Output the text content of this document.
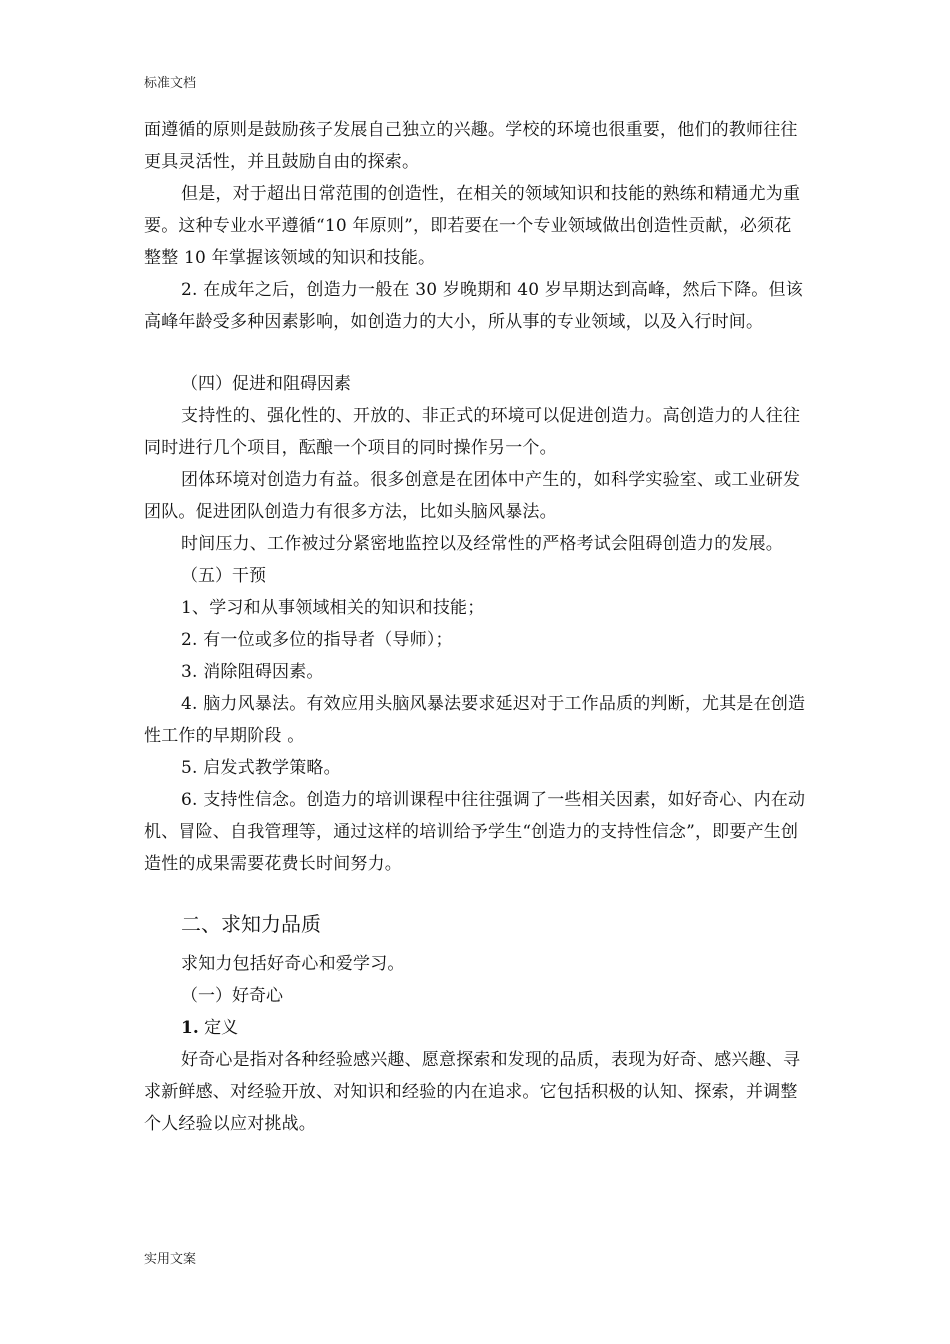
标准文档

面遵循的原则是鼓励孩子发展自己独立的兴趣。学校的环境也很重要，他们的教师往往更具灵活性，并且鼓励自由的探索。

但是，对于超出日常范围的创造性，在相关的领域知识和技能的熟练和精通尤为重要。这种专业水平遵循“10 年原则”，即若要在一个专业领域做出创造性贡献，必须花整整 10 年掌握该领域的知识和技能。

2. 在成年之后，创造力一般在 30 岁晚期和 40 岁早期达到高峰，然后下降。但该高峰年龄受多种因素影响，如创造力的大小，所从事的专业领域，以及入行时间。

（四）促进和阻碍因素

支持性的、强化性的、开放的、非正式的环境可以促进创造力。高创造力的人往往同时进行几个项目，酝酿一个项目的同时操作另一个。

团体环境对创造力有益。很多创意是在团体中产生的，如科学实验室、或工业研发团队。促进团队创造力有很多方法，比如头脑风暴法。

时间压力、工作被过分紧密地监控以及经常性的严格考试会阻碍创造力的发展。

（五）干预

1、学习和从事领域相关的知识和技能；

2. 有一位或多位的指导者（导师）；

3. 消除阻碍因素。

4. 脑力风暴法。有效应用头脑风暴法要求延迟对于工作品质的判断，尤其是在创造性工作的早期阶段 。

5. 启发式教学策略。

6. 支持性信念。创造力的培训课程中往往强调了一些相关因素，如好奇心、内在动机、冒险、自我管理等，通过这样的培训给予学生“创造力的支持性信念”，即要产生创造性的成果需要花费长时间努力。

二、求知力品质

求知力包括好奇心和爱学习。

（一）好奇心

1. 定义

好奇心是指对各种经验感兴趣、愿意探索和发现的品质，表现为好奇、感兴趣、寻求新鲜感、对经验开放、对知识和经验的内在追求。它包括积极的认知、探索，并调整个人经验以应对挑战。

实用文案
